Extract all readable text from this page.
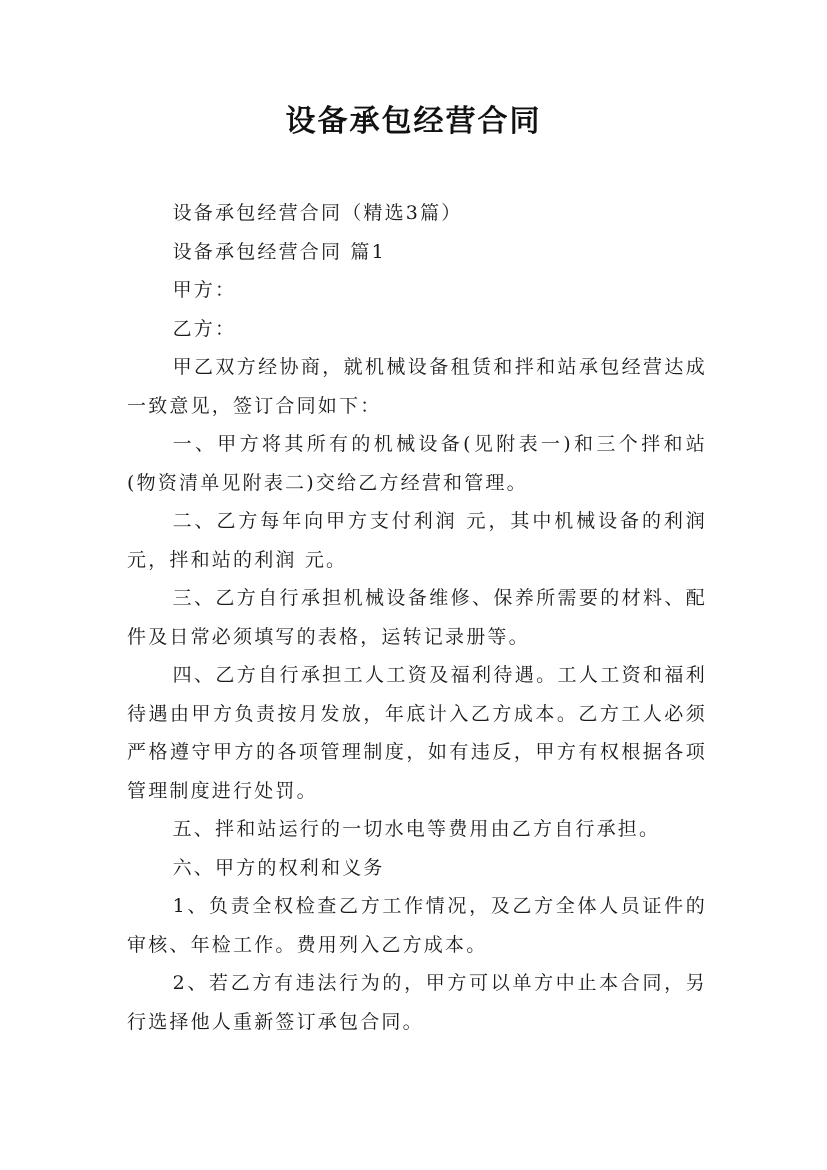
设备承包经营合同

设备承包经营合同（精选3篇）

设备承包经营合同 篇1

甲方：

乙方：

甲乙双方经协商，就机械设备租赁和拌和站承包经营达成一致意见，签订合同如下：

一、甲方将其所有的机械设备(见附表一)和三个拌和站(物资清单见附表二)交给乙方经营和管理。

二、乙方每年向甲方支付利润 元，其中机械设备的利润 元，拌和站的利润 元。

三、乙方自行承担机械设备维修、保养所需要的材料、配件及日常必须填写的表格，运转记录册等。

四、乙方自行承担工人工资及福利待遇。工人工资和福利待遇由甲方负责按月发放，年底计入乙方成本。乙方工人必须严格遵守甲方的各项管理制度，如有违反，甲方有权根据各项管理制度进行处罚。

五、拌和站运行的一切水电等费用由乙方自行承担。

六、甲方的权利和义务

1、负责全权检查乙方工作情况，及乙方全体人员证件的审核、年检工作。费用列入乙方成本。

2、若乙方有违法行为的，甲方可以单方中止本合同，另行选择他人重新签订承包合同。
